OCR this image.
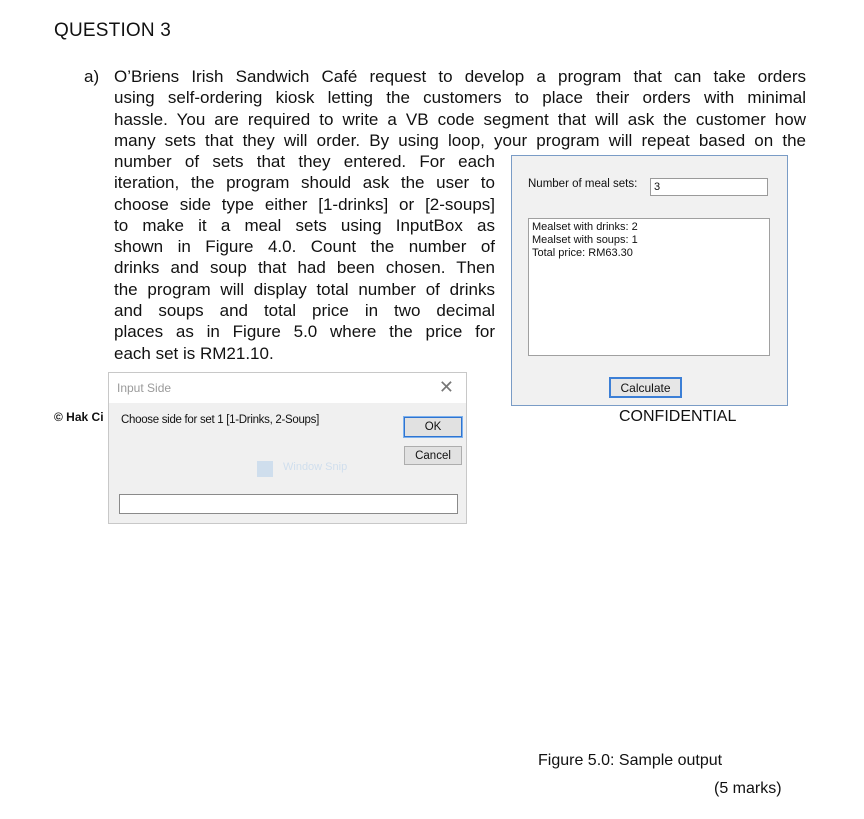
QUESTION 3
a) O’Briens Irish Sandwich Café request to develop a program that can take orders
using self-ordering kiosk letting the customers to place their orders with minimal
hassle. You are required to write a VB code segment that will ask the customer how
many sets that they will order. By using loop, your program will repeat based on the
number of sets that they entered. For each
iteration, the program should ask the user to
choose side type either [1-drinks] or [2-soups]
to make it a meal sets using InputBox as
shown in Figure 4.0. Count the number of
drinks and soup that had been chosen. Then
the program will display total number of drinks
and soups and total price in two decimal
places as in Figure 5.0 where the price for
each set is RM21.10.
Number of meal sets:	3
Mealset with drinks: 2
Mealset with soups: 1
Total price: RM63.30
Calculate
CONFIDENTIAL
© Hak Ci
Input Side	✕
Choose side for set 1 [1-Drinks, 2-Soups]
OK
Cancel
Window Snip
Figure 5.0: Sample output
(5 marks)
